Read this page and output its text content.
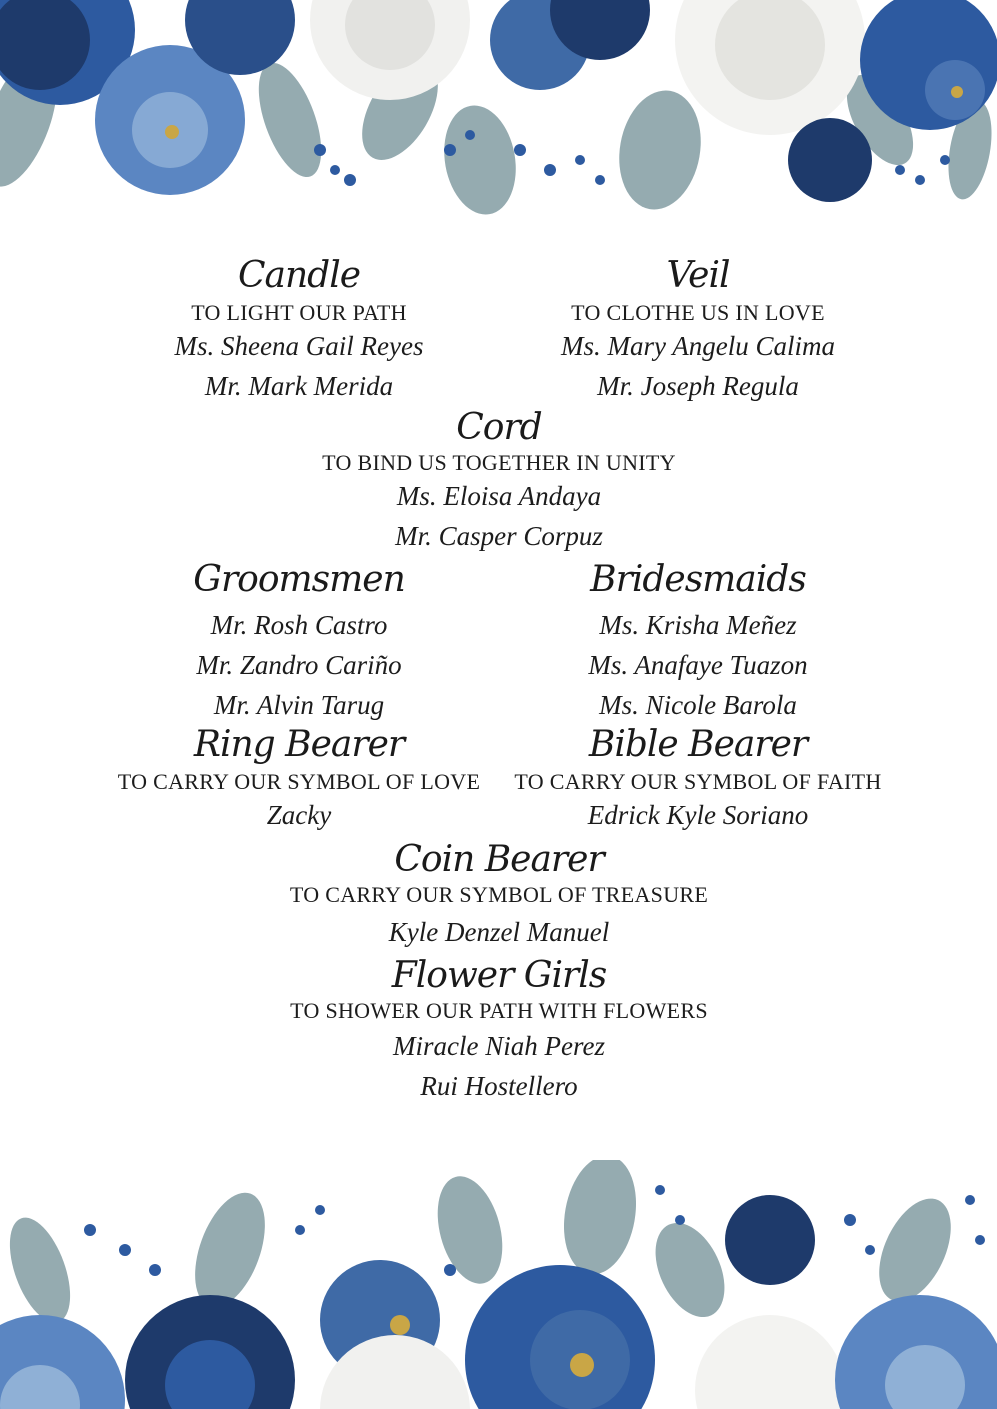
Candle
TO LIGHT OUR PATH
Ms. Sheena Gail Reyes
Mr. Mark Merida
Veil
TO CLOTHE US IN LOVE
Ms. Mary Angelu Calima
Mr. Joseph Regula
Cord
TO BIND US TOGETHER IN UNITY
Ms. Eloisa Andaya
Mr. Casper Corpuz
Groomsmen
Mr. Rosh Castro
Mr. Zandro Cariño
Mr. Alvin Tarug
Bridesmaids
Ms. Krisha Meñez
Ms. Anafaye Tuazon
Ms. Nicole Barola
Ring Bearer
TO CARRY OUR SYMBOL OF LOVE
Zacky
Bible Bearer
TO CARRY OUR SYMBOL OF FAITH
Edrick Kyle Soriano
Coin Bearer
TO CARRY OUR SYMBOL OF TREASURE
Kyle Denzel Manuel
Flower Girls
TO SHOWER OUR PATH WITH FLOWERS
Miracle Niah Perez
Rui Hostellero
